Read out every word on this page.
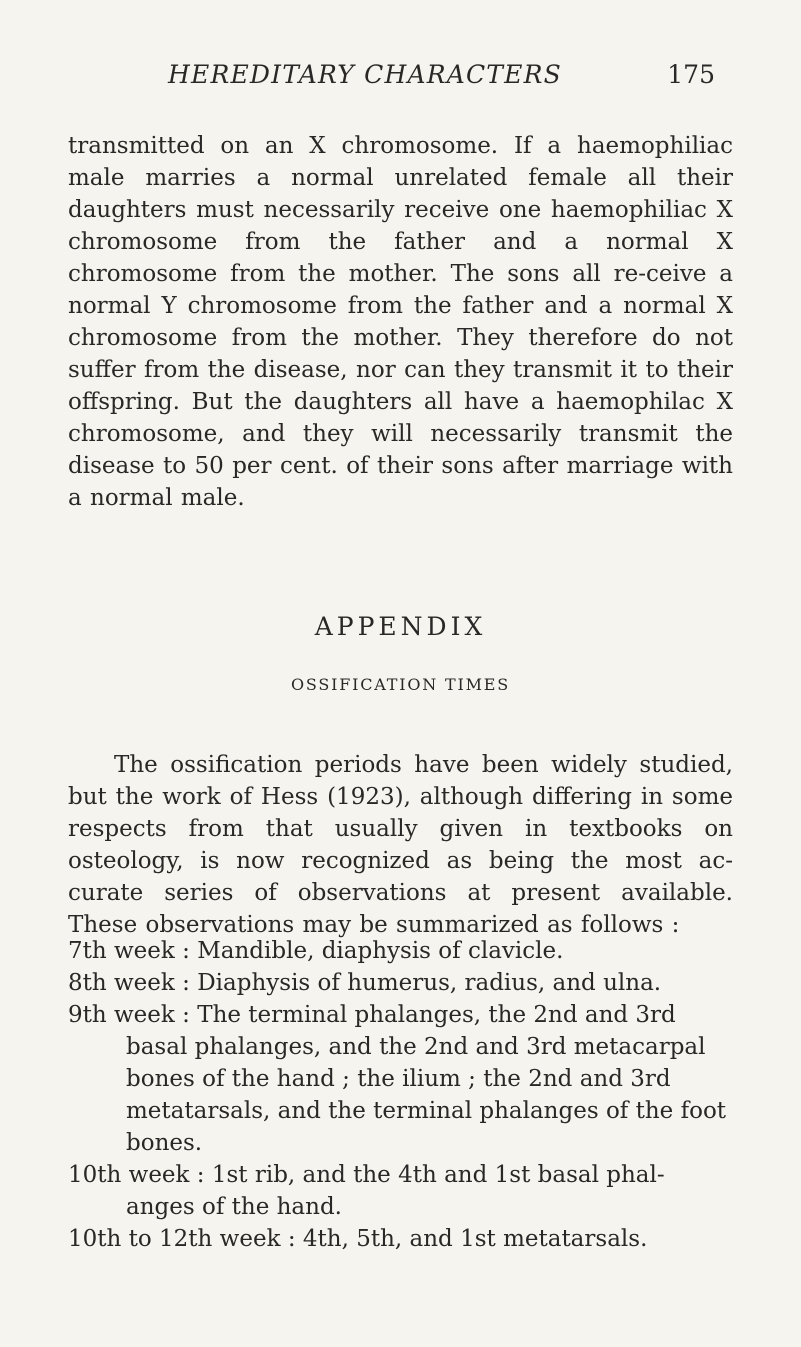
HEREDITARY CHARACTERS	175

transmitted on an X chromosome. If a haemophiliac male marries a normal unrelated female all their daughters must necessarily receive one haemophiliac X chromosome from the father and a normal X chromosome from the mother. The sons all re-ceive a normal Y chromosome from the father and a normal X chromosome from the mother. They therefore do not suffer from the disease, nor can they transmit it to their offspring. But the daughters all have a haemophilac X chromosome, and they will necessarily transmit the disease to 50 per cent. of their sons after marriage with a normal male.

APPENDIX
OSSIFICATION TIMES

The ossification periods have been widely studied, but the work of Hess (1923), although differing in some respects from that usually given in textbooks on osteology, is now recognized as being the most ac-curate series of observations at present available. These observations may be summarized as follows :

7th week : Mandible, diaphysis of clavicle.
8th week : Diaphysis of humerus, radius, and ulna.
9th week : The terminal phalanges, the 2nd and 3rd basal phalanges, and the 2nd and 3rd metacarpal bones of the hand ; the ilium ; the 2nd and 3rd metatarsals, and the terminal phalanges of the foot bones.
10th week : 1st rib, and the 4th and 1st basal phal-anges of the hand.
10th to 12th week : 4th, 5th, and 1st metatarsals.
